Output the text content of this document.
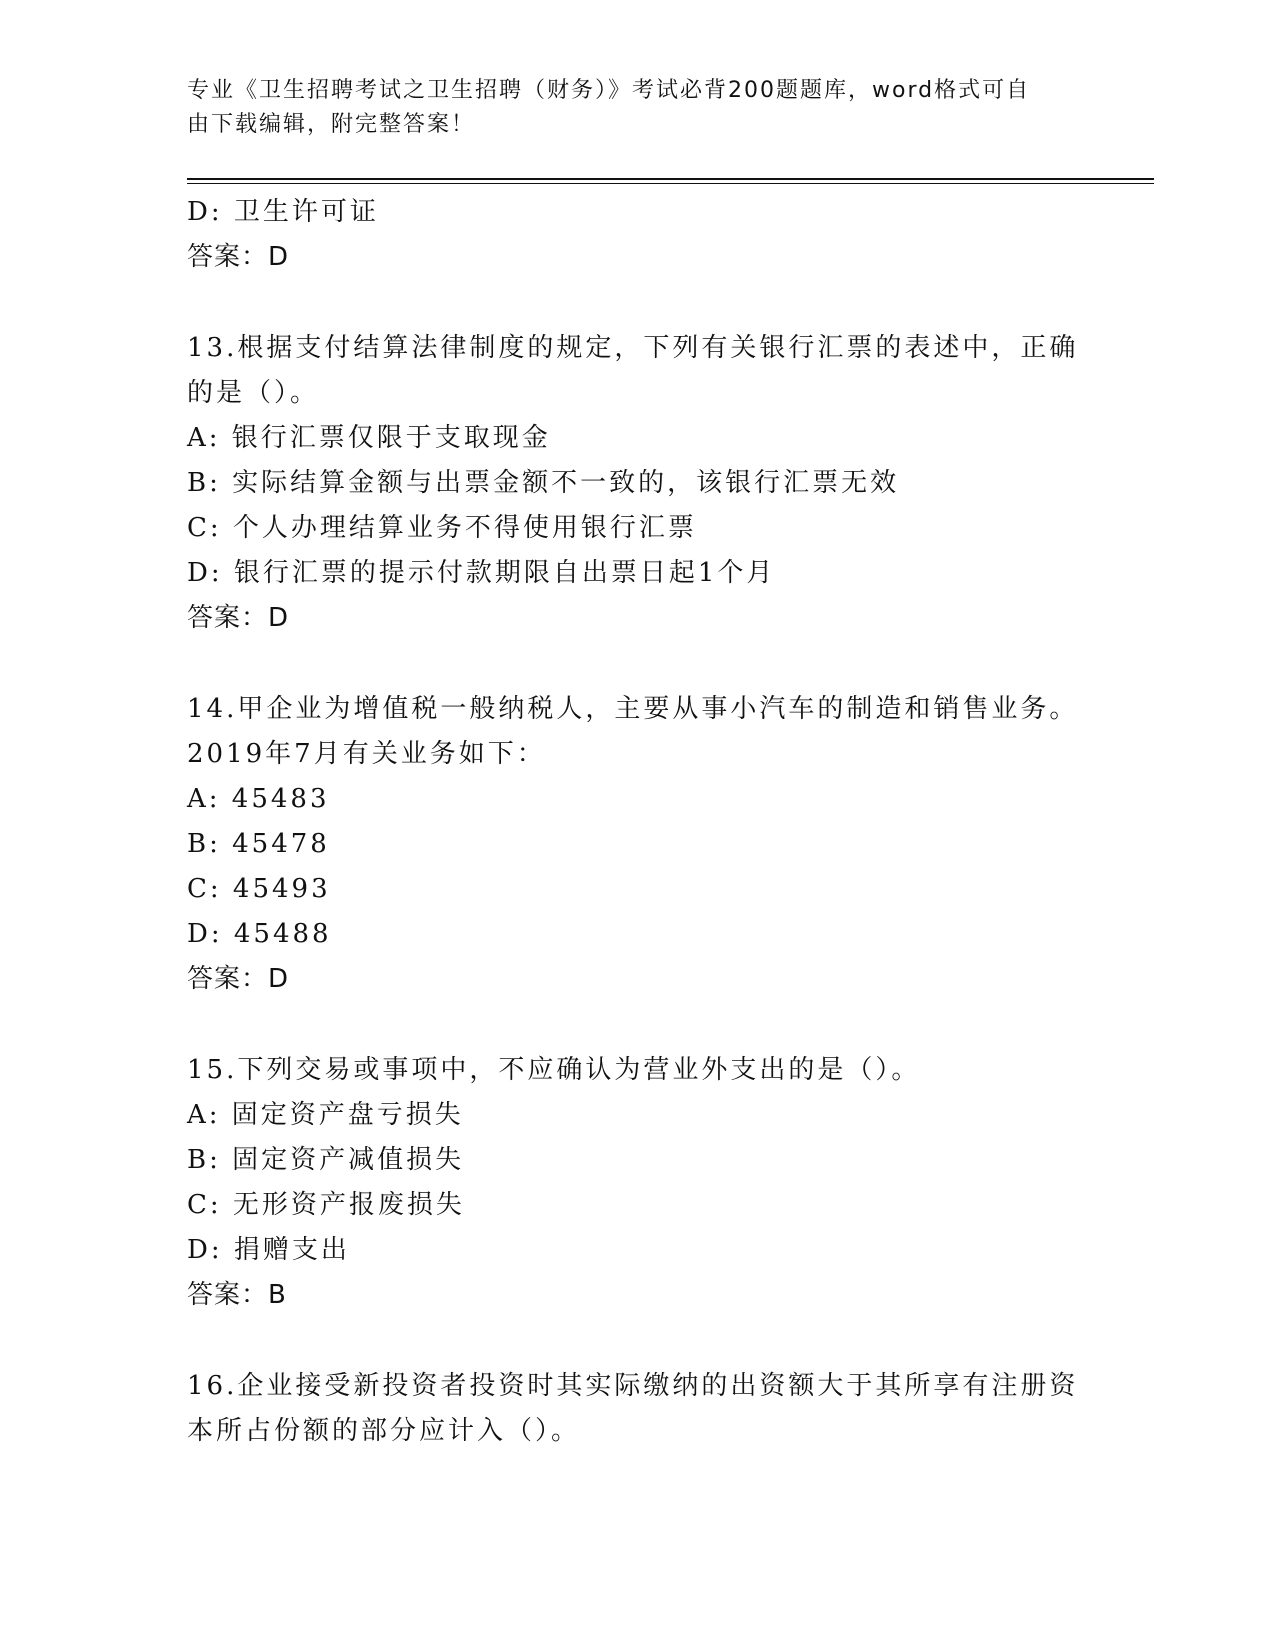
专业《卫生招聘考试之卫生招聘（财务）》考试必背200题题库，word格式可自
由下载编辑，附完整答案！
D: 卫生许可证
答案：D
13.根据支付结算法律制度的规定，下列有关银行汇票的表述中，正确
的是（）。
A: 银行汇票仅限于支取现金
B: 实际结算金额与出票金额不一致的，该银行汇票无效
C: 个人办理结算业务不得使用银行汇票
D: 银行汇票的提示付款期限自出票日起1个月
答案：D
14.甲企业为增值税一般纳税人，主要从事小汽车的制造和销售业务。
2019年7月有关业务如下：
A: 45483
B: 45478
C: 45493
D: 45488
答案：D
15.下列交易或事项中，不应确认为营业外支出的是（）。
A: 固定资产盘亏损失
B: 固定资产减值损失
C: 无形资产报废损失
D: 捐赠支出
答案：B
16.企业接受新投资者投资时其实际缴纳的出资额大于其所享有注册资
本所占份额的部分应计入（）。
